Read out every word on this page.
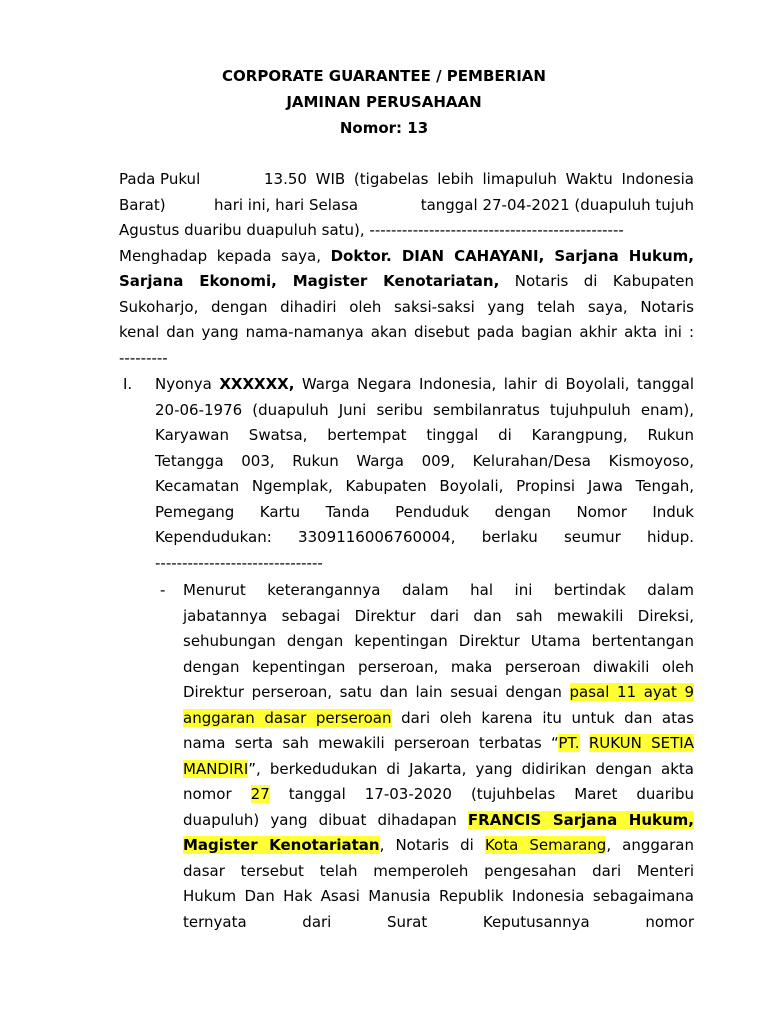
CORPORATE GUARANTEE / PEMBERIAN
JAMINAN PERUSAHAAN
Nomor: 13
Pada Pukul	13.50 WIB (tigabelas lebih limapuluh Waktu Indonesia
Barat)	hari ini, hari Selasa	tanggal 27-04-2021 (duapuluh tujuh
Agustus duaribu duapuluh satu), -----------------------------------------------
Menghadap kepada saya, Doktor. DIAN CAHAYANI, Sarjana Hukum,
Sarjana Ekonomi, Magister Kenotariatan, Notaris di Kabupaten
Sukoharjo, dengan dihadiri oleh saksi-saksi yang telah saya, Notaris
kenal dan yang nama-namanya akan disebut pada bagian akhir akta ini :
---------
I. Nyonya XXXXXX, Warga Negara Indonesia, lahir di Boyolali, tanggal
20-06-1976 (duapuluh Juni seribu sembilanratus tujuhpuluh enam),
Karyawan Swatsa, bertempat tinggal di Karangpung, Rukun
Tetangga 003, Rukun Warga 009, Kelurahan/Desa Kismoyoso,
Kecamatan Ngemplak, Kabupaten Boyolali, Propinsi Jawa Tengah,
Pemegang Kartu Tanda Penduduk dengan Nomor Induk
Kependudukan: 3309116006760004, berlaku seumur hidup.
-------------------------------
- Menurut keterangannya dalam hal ini bertindak dalam
jabatannya sebagai Direktur dari dan sah mewakili Direksi,
sehubungan dengan kepentingan Direktur Utama bertentangan
dengan kepentingan perseroan, maka perseroan diwakili oleh
Direktur perseroan, satu dan lain sesuai dengan pasal 11 ayat 9
anggaran dasar perseroan dari oleh karena itu untuk dan atas
nama serta sah mewakili perseroan terbatas “PT. RUKUN SETIA
MANDIRI”, berkedudukan di Jakarta, yang didirikan dengan akta
nomor 27 tanggal 17-03-2020 (tujuhbelas Maret duaribu
duapuluh) yang dibuat dihadapan FRANCIS Sarjana Hukum,
Magister Kenotariatan, Notaris di Kota Semarang, anggaran
dasar tersebut telah memperoleh pengesahan dari Menteri
Hukum Dan Hak Asasi Manusia Republik Indonesia sebagaimana
ternyata dari Surat Keputusannya nomor
